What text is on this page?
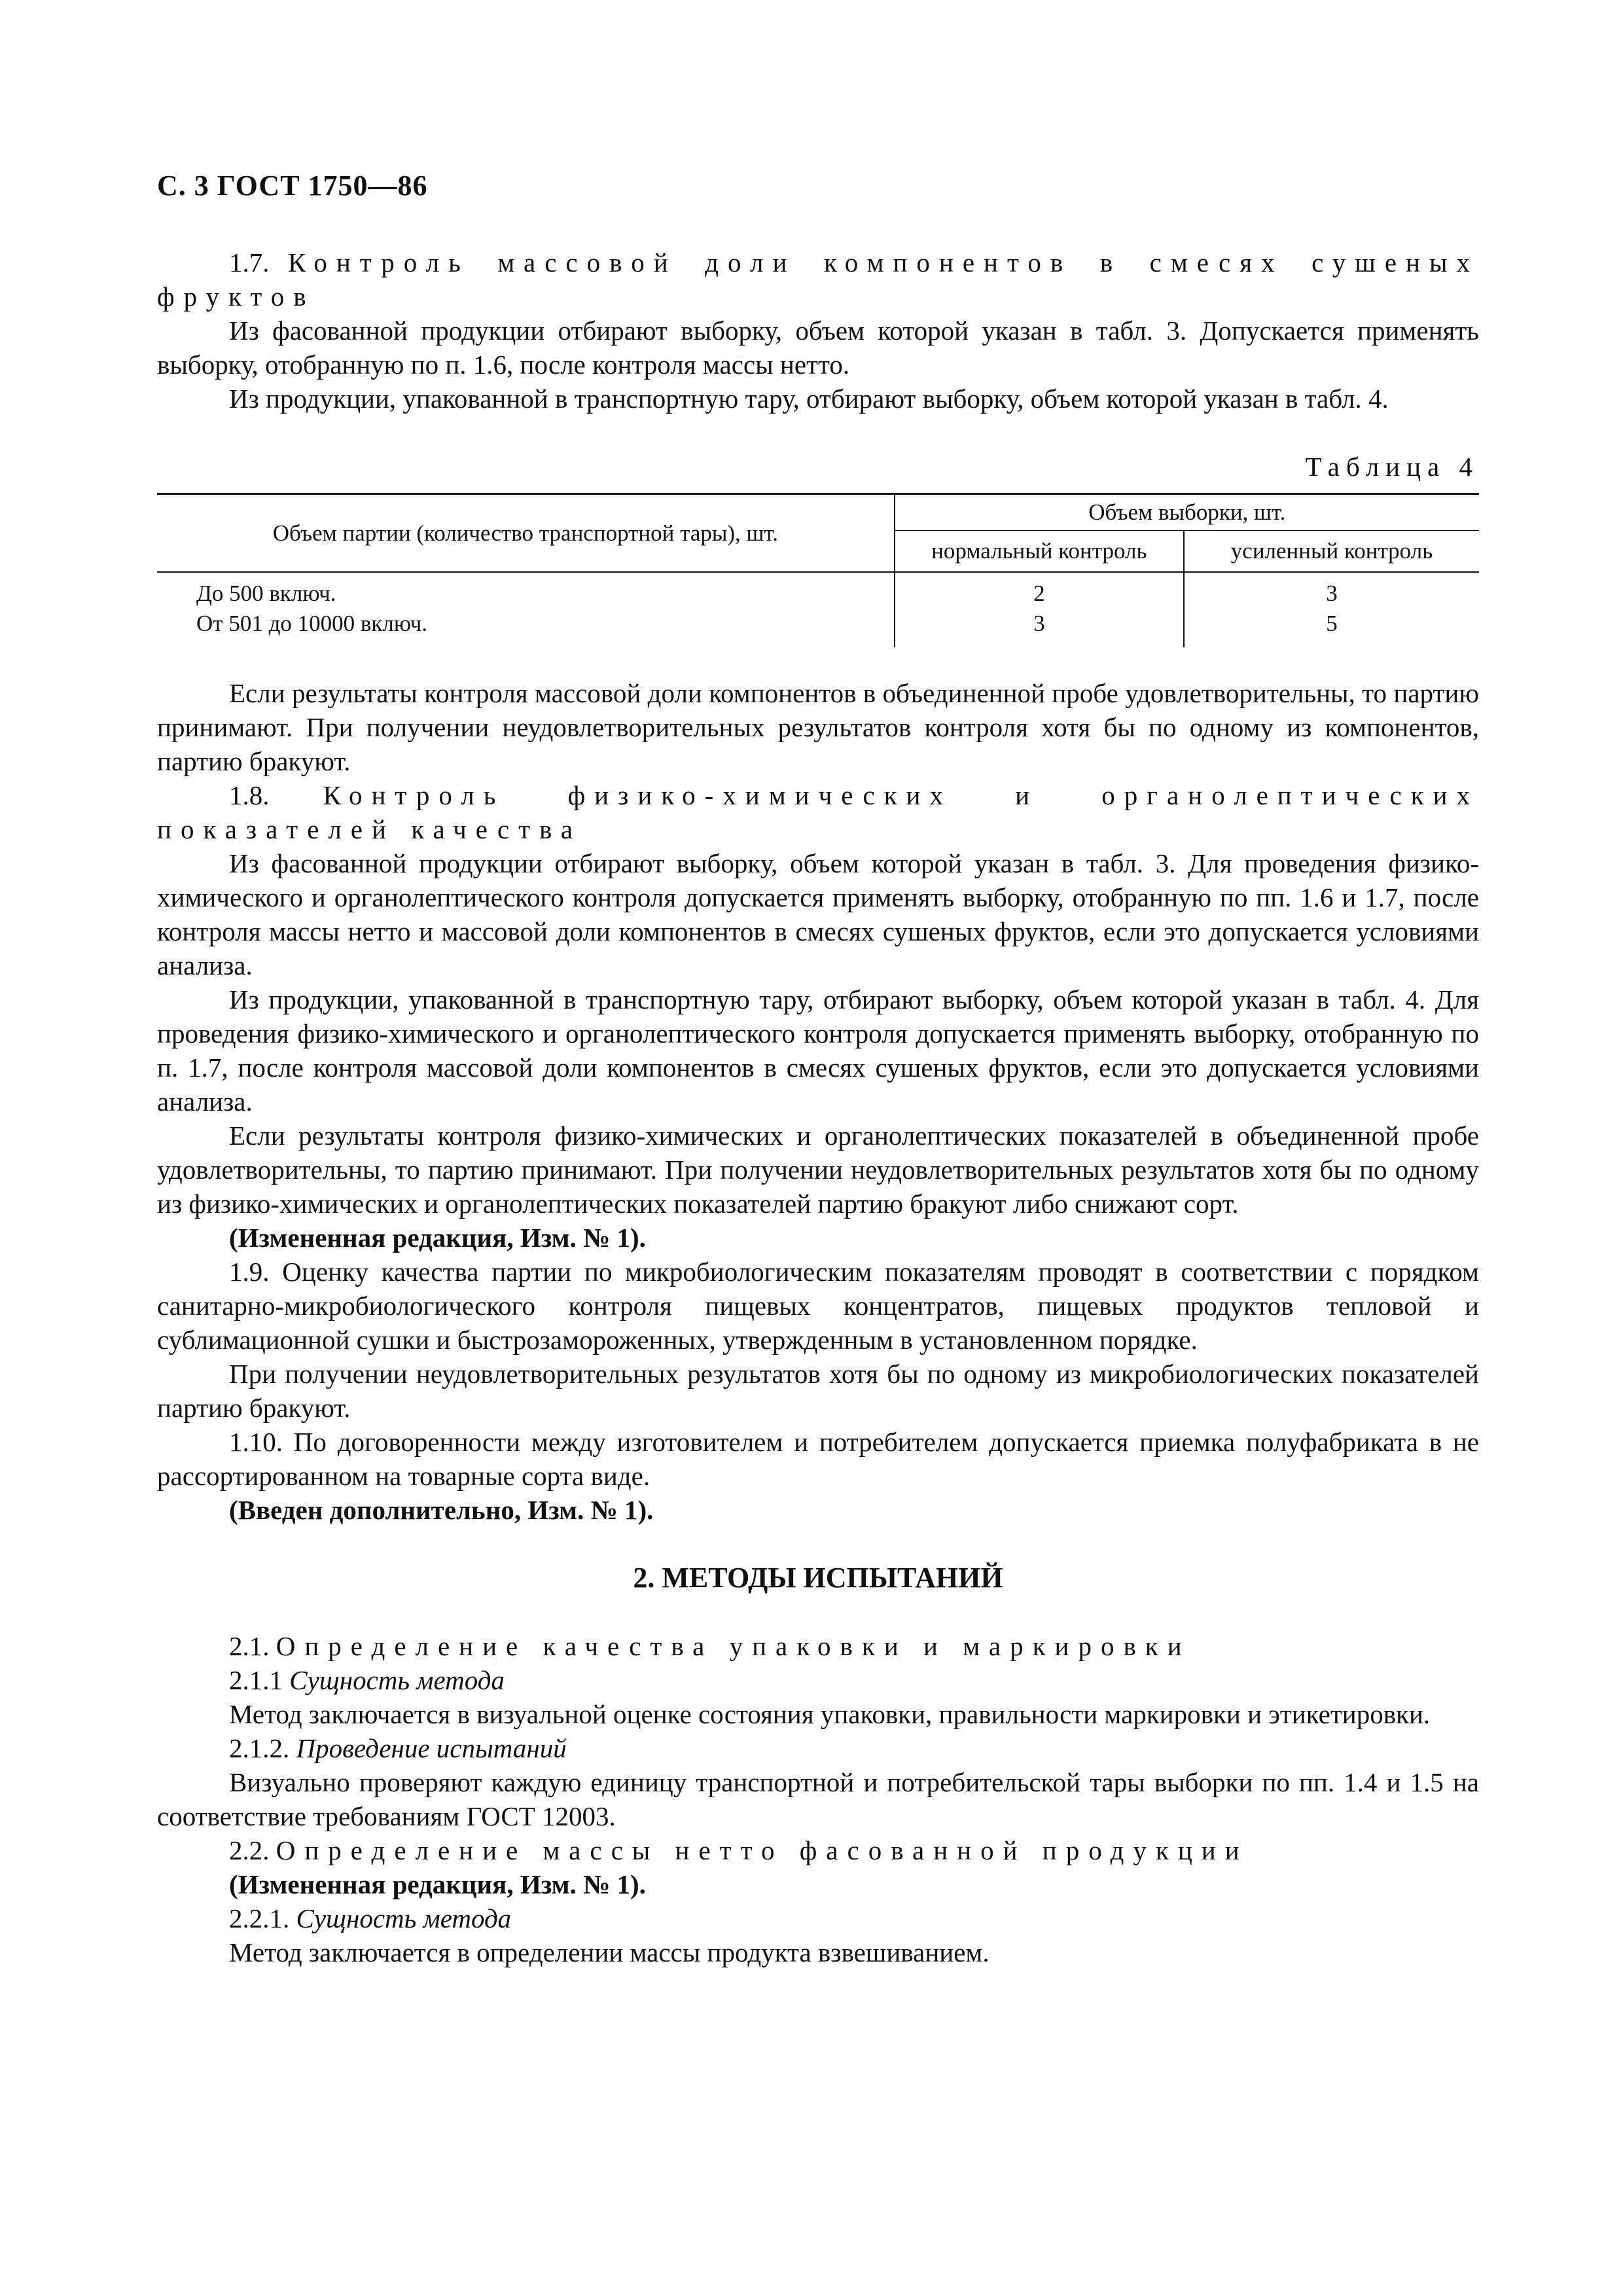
С. 3 ГОСТ 1750—86

1.7. Контроль массовой доли компонентов в смесях сушеных фруктов

Из фасованной продукции отбирают выборку, объем которой указан в табл. 3. Допускается применять выборку, отобранную по п. 1.6, после контроля массы нетто.

Из продукции, упакованной в транспортную тару, отбирают выборку, объем которой указан в табл. 4.

Таблица 4
Объем партии (количество транспортной тары), шт.	Объем выборки, шт.	
	нормальный контроль	усиленный контроль
До 500 включ.	2	3
От 501 до 10000 включ.	3	5

Если результаты контроля массовой доли компонентов в объединенной пробе удовлетворительны, то партию принимают. При получении неудовлетворительных результатов контроля хотя бы по одному из компонентов, партию бракуют.

1.8. Контроль физико-химических и органолептических показателей качества

Из фасованной продукции отбирают выборку, объем которой указан в табл. 3. Для проведения физико-химического и органолептического контроля допускается применять выборку, отобранную по пп. 1.6 и 1.7, после контроля массы нетто и массовой доли компонентов в смесях сушеных фруктов, если это допускается условиями анализа.

Из продукции, упакованной в транспортную тару, отбирают выборку, объем которой указан в табл. 4. Для проведения физико-химического и органолептического контроля допускается применять выборку, отобранную по п. 1.7, после контроля массовой доли компонентов в смесях сушеных фруктов, если это допускается условиями анализа.

Если результаты контроля физико-химических и органолептических показателей в объединенной пробе удовлетворительны, то партию принимают. При получении неудовлетворительных результатов хотя бы по одному из физико-химических и органолептических показателей партию бракуют либо снижают сорт.

(Измененная редакция, Изм. № 1).

1.9. Оценку качества партии по микробиологическим показателям проводят в соответствии с порядком санитарно-микробиологического контроля пищевых концентратов, пищевых продуктов тепловой и сублимационной сушки и быстрозамороженных, утвержденным в установленном порядке.

При получении неудовлетворительных результатов хотя бы по одному из микробиологических показателей партию бракуют.

1.10. По договоренности между изготовителем и потребителем допускается приемка полуфабриката в не рассортированном на товарные сорта виде.

(Введен дополнительно, Изм. № 1).

2. МЕТОДЫ ИСПЫТАНИЙ

2.1. Определение качества упаковки и маркировки

2.1.1 Сущность метода

Метод заключается в визуальной оценке состояния упаковки, правильности маркировки и этикетировки.

2.1.2. Проведение испытаний

Визуально проверяют каждую единицу транспортной и потребительской тары выборки по пп. 1.4 и 1.5 на соответствие требованиям ГОСТ 12003.

2.2. Определение массы нетто фасованной продукции

(Измененная редакция, Изм. № 1).

2.2.1. Сущность метода

Метод заключается в определении массы продукта взвешиванием.
